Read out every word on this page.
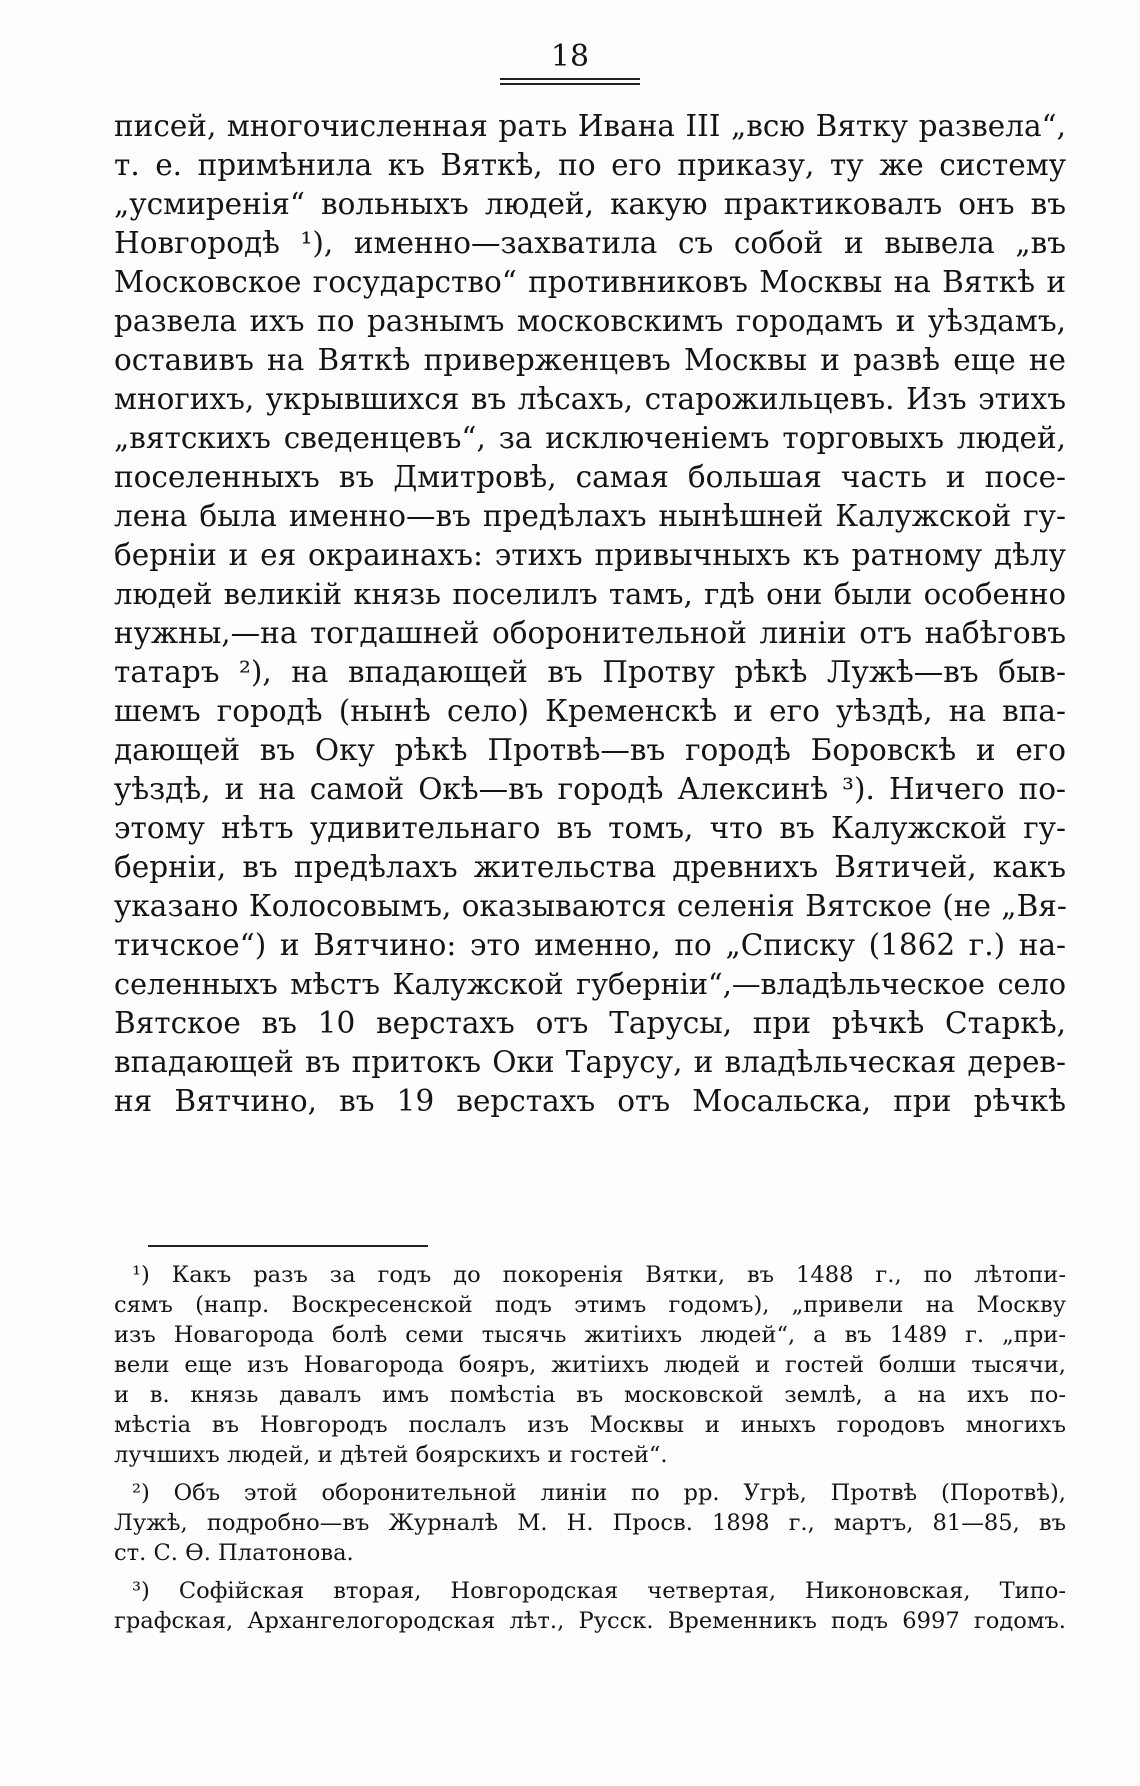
18
писей, многочисленная рать Ивана III „всю Вятку развела“,
т. е. примѣнила къ Вяткѣ, по его приказу, ту же систему
„усмиренія“ вольныхъ людей, какую практиковалъ онъ въ
Новгородѣ ¹), именно—захватила съ собой и вывела „въ
Московское государство“ противниковъ Москвы на Вяткѣ и
развела ихъ по разнымъ московскимъ городамъ и уѣздамъ,
оставивъ на Вяткѣ приверженцевъ Москвы и развѣ еще не
многихъ, укрывшихся въ лѣсахъ, старожильцевъ. Изъ этихъ
„вятскихъ сведенцевъ“, за исключеніемъ торговыхъ людей,
поселенныхъ въ Дмитровѣ, самая большая часть и посе-
лена была именно—въ предѣлахъ нынѣшней Калужской гу-
берніи и ея окраинахъ: этихъ привычныхъ къ ратному дѣлу
людей великій князь поселилъ тамъ, гдѣ они были особенно
нужны,—на тогдашней оборонительной линіи отъ набѣговъ
татаръ ²), на впадающей въ Протву рѣкѣ Лужѣ—въ быв-
шемъ городѣ (нынѣ село) Кременскѣ и его уѣздѣ, на впа-
дающей въ Оку рѣкѣ Протвѣ—въ городѣ Боровскѣ и его
уѣздѣ, и на самой Окѣ—въ городѣ Алексинѣ ³). Ничего по-
этому нѣтъ удивительнаго въ томъ, что въ Калужской гу-
берніи, въ предѣлахъ жительства древнихъ Вятичей, какъ
указано Колосовымъ, оказываются селенія Вятское (не „Вя-
тичское“) и Вятчино: это именно, по „Списку (1862 г.) на-
селенныхъ мѣстъ Калужской губерніи“,—владѣльческое село
Вятское въ 10 верстахъ отъ Тарусы, при рѣчкѣ Старкѣ,
впадающей въ притокъ Оки Тарусу, и владѣльческая дерев-
ня Вятчино, въ 19 верстахъ отъ Мосальска, при рѣчкѣ
¹) Какъ разъ за годъ до покоренія Вятки, въ 1488 г., по лѣтопи-
сямъ (напр. Воскресенской подъ этимъ годомъ), „привели на Москву
изъ Новагорода болѣ семи тысячь житіихъ людей“, а въ 1489 г. „при-
вели еще изъ Новагорода бояръ, житіихъ людей и гостей болши тысячи,
и в. князь давалъ имъ помѣстіа въ московской землѣ, а на ихъ по-
мѣстіа въ Новгородъ послалъ изъ Москвы и иныхъ городовъ многихъ
лучшихъ людей, и дѣтей боярскихъ и гостей“.
²) Объ этой оборонительной линіи по рр. Угрѣ, Протвѣ (Поротвѣ),
Лужѣ, подробно—въ Журналѣ М. Н. Просв. 1898 г., мартъ, 81—85, въ
ст. С. Ѳ. Платонова.
³) Софійская вторая, Новгородская четвертая, Никоновская, Типо-
графская, Архангелогородская лѣт., Русск. Временникъ подъ 6997 годомъ.
